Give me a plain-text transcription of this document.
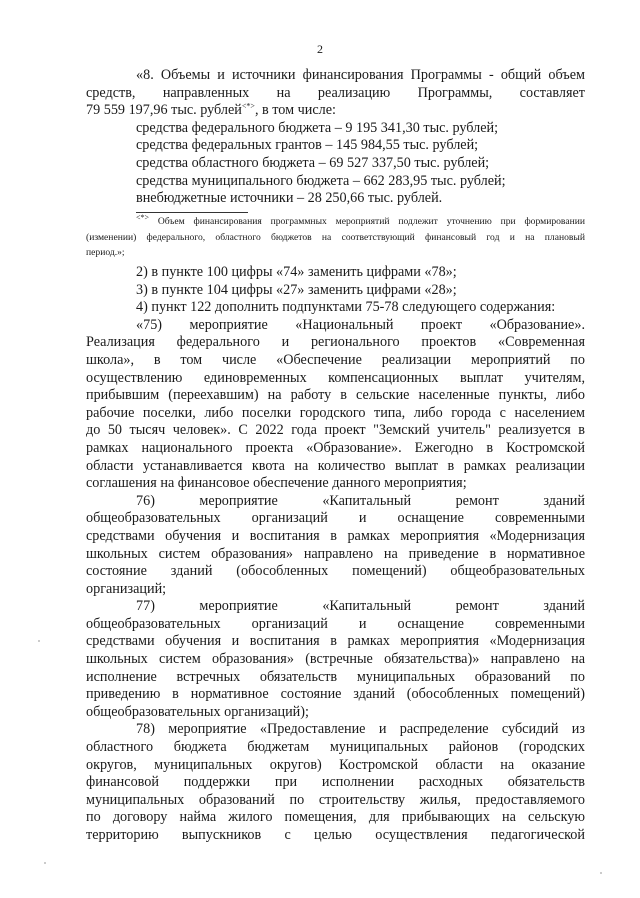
2
«8. Объемы и источники финансирования Программы - общий объем
средств, направленных на реализацию Программы, составляет
79 559 197,96 тыс. рублей<*>, в том числе:
средства федерального бюджета – 9 195 341,30 тыс. рублей;
средства федеральных грантов – 145 984,55 тыс. рублей;
средства областного бюджета – 69 527 337,50 тыс. рублей;
средства муниципального бюджета – 662 283,95 тыс. рублей;
внебюджетные источники – 28 250,66 тыс. рублей.
<*> Объем финансирования программных мероприятий подлежит уточнению при формировании
(изменении) федерального, областного бюджетов на соответствующий финансовый год и на плановый
период.»;
2) в пункте 100 цифры «74» заменить цифрами «78»;
3) в пункте 104 цифры «27» заменить цифрами «28»;
4) пункт 122 дополнить подпунктами 75-78 следующего содержания:
«75) мероприятие «Национальный проект «Образование».
Реализация федерального и регионального проектов «Современная
школа», в том числе «Обеспечение реализации мероприятий по
осуществлению единовременных компенсационных выплат учителям,
прибывшим (переехавшим) на работу в сельские населенные пункты, либо
рабочие поселки, либо поселки городского типа, либо города с населением
до 50 тысяч человек». С 2022 года проект "Земский учитель" реализуется в
рамках национального проекта «Образование». Ежегодно в Костромской
области устанавливается квота на количество выплат в рамках реализации
соглашения на финансовое обеспечение данного мероприятия;
76) мероприятие «Капитальный ремонт зданий
общеобразовательных организаций и оснащение современными
средствами обучения и воспитания в рамках мероприятия «Модернизация
школьных систем образования» направлено на приведение в нормативное
состояние зданий (обособленных помещений) общеобразовательных
организаций;
77) мероприятие «Капитальный ремонт зданий
общеобразовательных организаций и оснащение современными
средствами обучения и воспитания в рамках мероприятия «Модернизация
школьных систем образования» (встречные обязательства)» направлено на
исполнение встречных обязательств муниципальных образований по
приведению в нормативное состояние зданий (обособленных помещений)
общеобразовательных организаций);
78) мероприятие «Предоставление и распределение субсидий из
областного бюджета бюджетам муниципальных районов (городских
округов, муниципальных округов) Костромской области на оказание
финансовой поддержки при исполнении расходных обязательств
муниципальных образований по строительству жилья, предоставляемого
по договору найма жилого помещения, для прибывающих на сельскую
территорию выпускников с целью осуществления педагогической
